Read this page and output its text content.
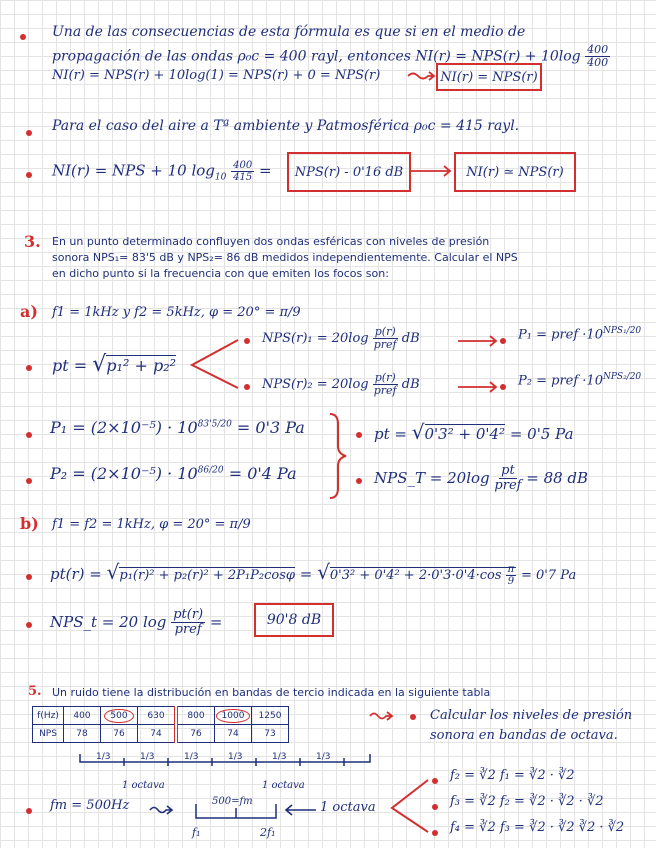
Una de las consecuencias de esta fórmula es que si en el medio de
propagación de las ondas ρ₀c = 400 rayl, entonces $NI(r) = NPS(r) + 10\log \frac{400}{400}$
NI(r) = NPS(r) + 10log(1) = NPS(r) + 0 = NPS(r)	NI(r) = NPS(r)
Para el caso del aire a Tª ambiente y Patmosférica ρ₀c = 415 rayl.
NI(r) = NPS + 10 $\log_{10} \frac{400}{415}$ =	NPS(r) - 0'16 dB	NI(r) ≃ NPS(r)
3. En un punto determinado confluyen dos ondas esféricas con niveles de presión
sonora NPS₁= 83'5 dB y NPS₂= 86 dB medidos independientemente. Calcular el NPS
en dicho punto si la frecuencia con que emiten los focos son:
a) f1 = 1kHz y f2 = 5kHz, φ = 20° = π/9
pt = √p₁² + p₂²
$NPS(r)_1 = 20\log \frac{p(r)}{\text{pref}}$ dB	P₁ = pref $\cdot 10^{NPS_1/20}$
$NPS(r)_2 = 20\log \frac{p(r)}{\text{pref}}$ dB	P₂ = pref $\cdot 10^{NPS_2/20}$
$P_1 = (2\times 10^{-5}) \cdot 10^{83'5/20} = 0'3$ Pa
$P_2 = (2\times 10^{-5}) \cdot 10^{86/20} = 0'4$ Pa
pt = √0'3² + 0'4² = 0'5 Pa
NPS_T = $20\log \frac{pt}{\text{pref}} = 88$ dB
b) f1 = f2 = 1kHz, φ = 20° = π/9
$pt(r) = √p_1(r)^2 + p_2(r)^2 + 2P_1P_2\cos\varphi = √0'3^2 + 0'4^2 + 2\cdot 0'3\cdot 0'4\cdot\cos \frac{\pi}{9} = 0'7$ Pa
NPS_t = 20 $\log \frac{pt(r)}{\text{pref}}$ =	90'8 dB
5. Un ruido tiene la distribución en bandas de tercio indicada en la siguiente tabla
f(Hz)	400	500	630	800	1000	1250
NPS	78	76	74	76	74	73
Calcular los niveles de presión
sonora en bandas de octava.
1/3	1/3	1/3	1/3	1/3	1/3
1 octava	1 octava
fm = 500Hz	500=fm
f₁	2f₁
1 octava
f₂ = ∛2 f₁ = ∛2 · ∛2
f₃ = ∛2 f₂ = ∛2 · ∛2 · ∛2
f₄ = ∛2 f₃ = ∛2 · ∛2 ∛2 · ∛2
